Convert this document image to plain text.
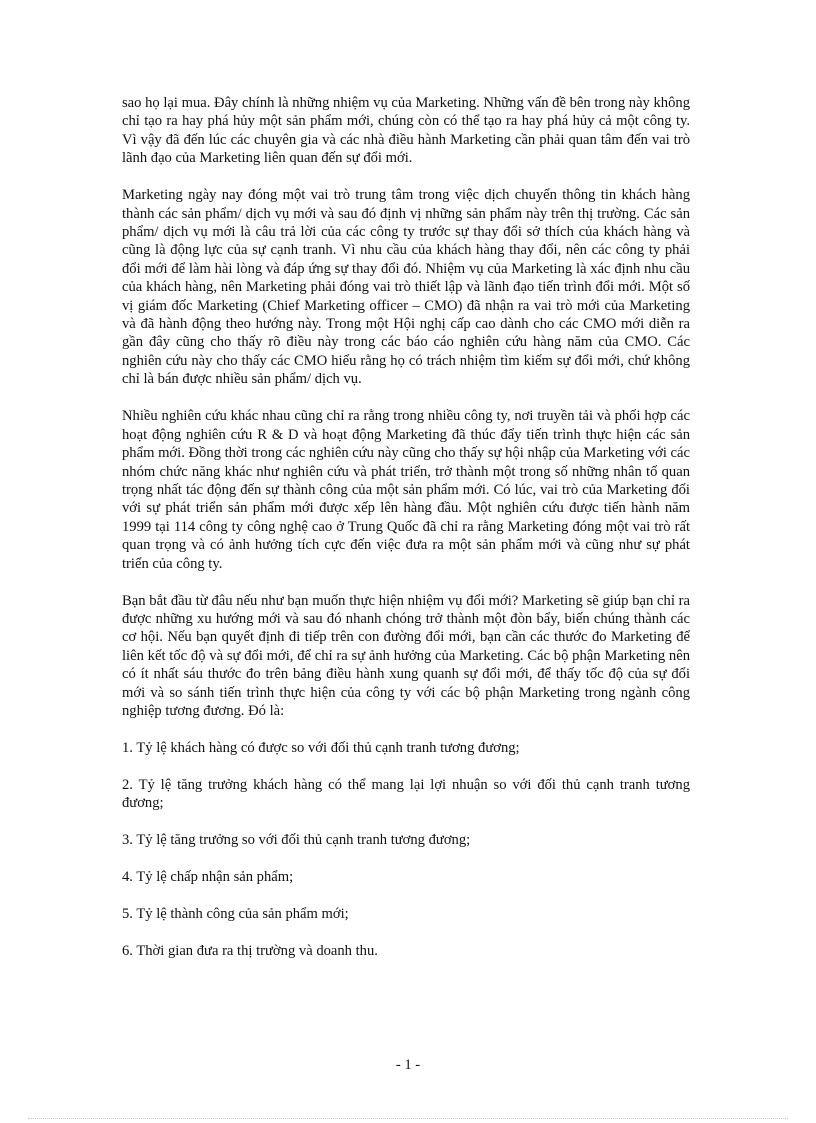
sao họ lại mua. Đây chính là những nhiệm vụ của Marketing. Những vấn đề bên trong này không chỉ tạo ra hay phá hủy một sản phẩm mới, chúng còn có thể tạo ra hay phá hủy cả một công ty. Vì vậy đã đến lúc các chuyên gia và các nhà điều hành Marketing cần phải quan tâm đến vai trò lãnh đạo của Marketing liên quan đến sự đổi mới.

Marketing ngày nay đóng một vai trò trung tâm trong việc dịch chuyển thông tin khách hàng thành các sản phẩm/ dịch vụ mới và sau đó định vị những sản phẩm này trên thị trường. Các sản phẩm/ dịch vụ mới là câu trả lời của các công ty trước sự thay đổi sở thích của khách hàng và cũng là động lực của sự cạnh tranh. Vì nhu cầu của khách hàng thay đổi, nên các công ty phải đổi mới để làm hài lòng và đáp ứng sự thay đổi đó. Nhiệm vụ của Marketing là xác định nhu cầu của khách hàng, nên Marketing phải đóng vai trò thiết lập và lãnh đạo tiến trình đổi mới. Một số vị giám đốc Marketing (Chief Marketing officer – CMO) đã nhận ra vai trò mới của Marketing và đã hành động theo hướng này. Trong một Hội nghị cấp cao dành cho các CMO mới diễn ra gần đây cũng cho thấy rõ điều này trong các báo cáo nghiên cứu hàng năm của CMO. Các nghiên cứu này cho thấy các CMO hiểu rằng họ có trách nhiệm tìm kiếm sự đổi mới, chứ không chỉ là bán được nhiều sản phẩm/ dịch vụ.

Nhiều nghiên cứu khác nhau cũng chỉ ra rằng trong nhiều công ty, nơi truyền tải và phối hợp các hoạt động nghiên cứu R & D và hoạt động Marketing đã thúc đẩy tiến trình thực hiện các sản phẩm mới. Đồng thời trong các nghiên cứu này cũng cho thấy sự hội nhập của Marketing với các nhóm chức năng khác như nghiên cứu và phát triển, trở thành một trong số những nhân tố quan trọng nhất tác động đến sự thành công của một sản phẩm mới. Có lúc, vai trò của Marketing đối với sự phát triển sản phẩm mới được xếp lên hàng đầu. Một nghiên cứu được tiến hành năm 1999 tại 114 công ty công nghệ cao ở Trung Quốc đã chỉ ra rằng Marketing đóng một vai trò rất quan trọng và có ảnh hưởng tích cực đến việc đưa ra một sản phẩm mới và cũng như sự phát triển của công ty.

Bạn bắt đầu từ đâu nếu như bạn muốn thực hiện nhiệm vụ đổi mới? Marketing sẽ giúp bạn chỉ ra được những xu hướng mới và sau đó nhanh chóng trở thành một đòn bẩy, biến chúng thành các cơ hội. Nếu bạn quyết định đi tiếp trên con đường đổi mới, bạn cần các thước đo Marketing để liên kết tốc độ và sự đổi mới, để chỉ ra sự ảnh hưởng của Marketing. Các bộ phận Marketing nên có ít nhất sáu thước đo trên bảng điều hành xung quanh sự đổi mới, để thấy tốc độ của sự đổi mới và so sánh tiến trình thực hiện của công ty với các bộ phận Marketing trong ngành công nghiệp tương đương. Đó là:

1. Tỷ lệ khách hàng có được so với đối thủ cạnh tranh tương đương;

2. Tỷ lệ tăng trưởng khách hàng có thể mang lại lợi nhuận so với đối thủ cạnh tranh tương đương;

3. Tỷ lệ tăng trưởng so với đối thủ cạnh tranh tương đương;

4. Tỷ lệ chấp nhận sản phẩm;

5. Tỷ lệ thành công của sản phẩm mới;

6. Thời gian đưa ra thị trường và doanh thu.

- 1 -
